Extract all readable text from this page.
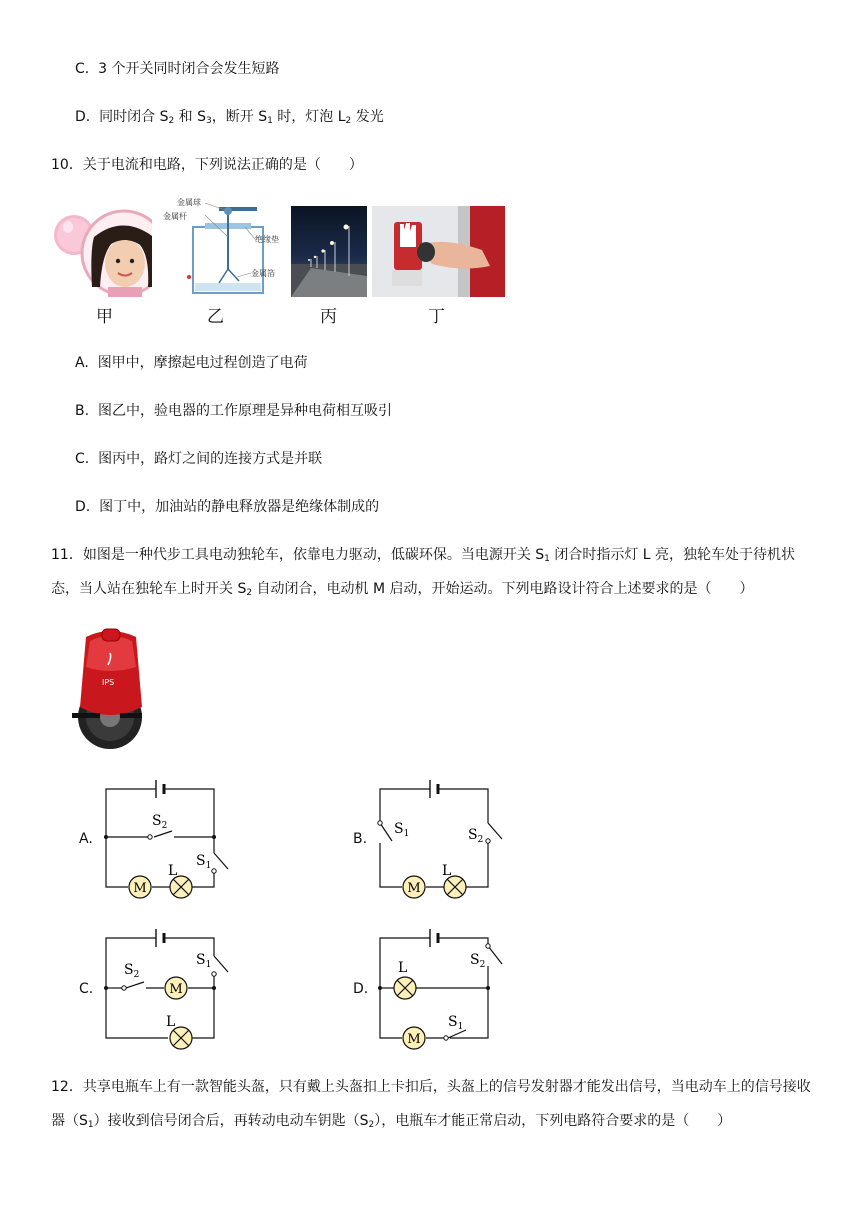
C. 3 个开关同时闭合会发生短路
D. 同时闭合 $S_2$ 和 $S_3$，断开 $S_1$ 时，灯泡 $L_2$ 发光
10．关于电流和电路，下列说法正确的是（　　）
金属球
金属杆
绝缘垫
金属箔
甲	乙	丙	丁
A. 图甲中，摩擦起电过程创造了电荷
B. 图乙中，验电器的工作原理是异种电荷相互吸引
C. 图丙中，路灯之间的连接方式是并联
D. 图丁中，加油站的静电释放器是绝缘体制成的
11．如图是一种代步工具电动独轮车，依靠电力驱动，低碳环保。当电源开关 $S_1$ 闭合时指示灯 L 亮，独轮车处于待机状态，当人站在独轮车上时开关 $S_2$ 自动闭合，电动机 M 启动，开始运动。下列电路设计符合上述要求的是（　　）
IPS
A.
M
$S_2$
$S_1$
L
B.
M
$S_1$	$S_2$
L
C.	M
$S_2$
$S_1$
L
D.
M
L	$S_2$
$S_1$
12．共享电瓶车上有一款智能头盔，只有戴上头盔扣上卡扣后，头盔上的信号发射器才能发出信号，当电动车上的信号接收器$(S_1)$接收到信号闭合后，再转动电动车钥匙$(S_2)$，电瓶车才能正常启动，下列电路符合要求的是（　　）
